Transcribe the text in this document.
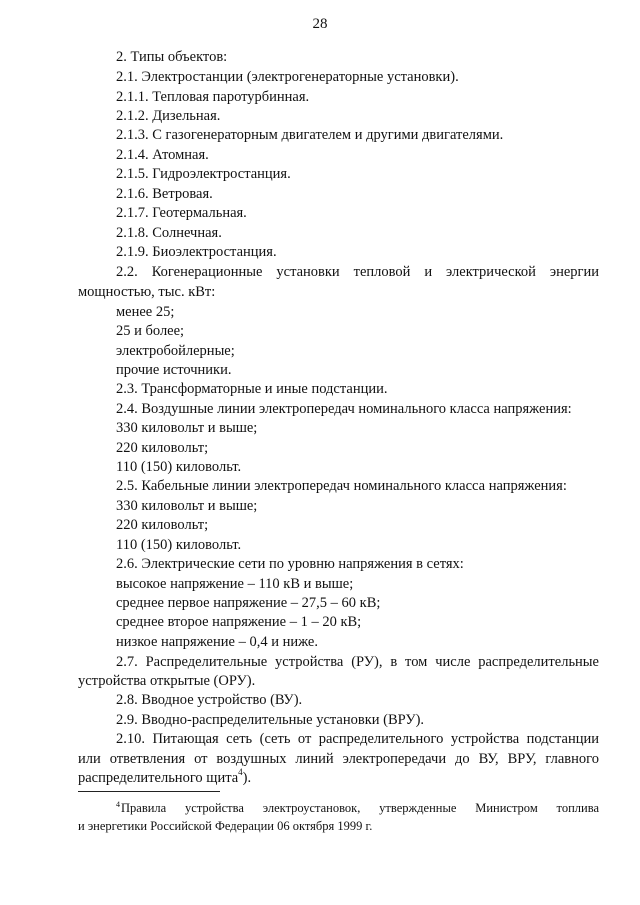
28
2. Типы объектов:
2.1. Электростанции (электрогенераторные установки).
2.1.1. Тепловая паротурбинная.
2.1.2. Дизельная.
2.1.3. С газогенераторным двигателем и другими двигателями.
2.1.4. Атомная.
2.1.5. Гидроэлектростанция.
2.1.6. Ветровая.
2.1.7. Геотермальная.
2.1.8. Солнечная.
2.1.9. Биоэлектростанция.
2.2. Когенерационные установки тепловой и электрической энергии
мощностью, тыс. кВт:
менее 25;
25 и более;
электробойлерные;
прочие источники.
2.3. Трансформаторные и иные подстанции.
2.4. Воздушные линии электропередач номинального класса напряжения:
330 киловольт и выше;
220 киловольт;
110 (150) киловольт.
2.5. Кабельные линии электропередач номинального класса напряжения:
330 киловольт и выше;
220 киловольт;
110 (150) киловольт.
2.6. Электрические сети по уровню напряжения в сетях:
высокое напряжение – 110 кВ и выше;
среднее первое напряжение – 27,5 – 60 кВ;
среднее второе напряжение – 1 – 20 кВ;
низкое напряжение – 0,4 и ниже.
2.7. Распределительные устройства (РУ), в том числе распределительные
устройства открытые (ОРУ).
2.8. Вводное устройство (ВУ).
2.9. Вводно-распределительные установки (ВРУ).
2.10. Питающая сеть (сеть от распределительного устройства подстанции
или ответвления от воздушных линий электропередачи до ВУ, ВРУ, главного
распределительного щита$^4$).
$^4$Правила устройства электроустановок, утвержденные Министром топлива
и энергетики Российской Федерации 06 октября 1999 г.
